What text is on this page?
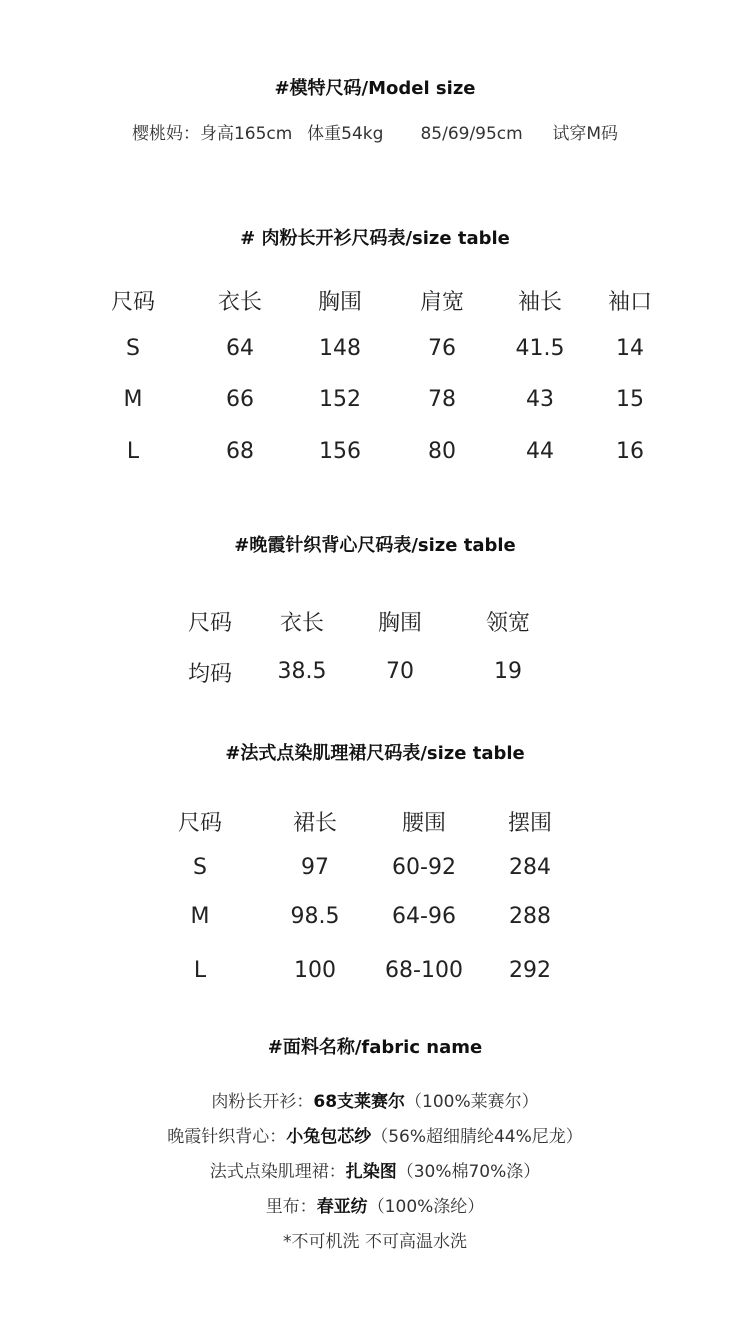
#模特尺码/Model size
樱桃妈：身高165cm 体重54kg 85/69/95cm 试穿M码
# 肉粉长开衫尺码表/size table
尺码	衣长	胸围	肩宽 袖长 袖口
S	64	148	76	41.5 14
M	66	152	78	43	15
L	68	156	80	44	16
#晚霞针织背心尺码表/size table
尺码 衣长 胸围	领宽
均码 38.5	70	19
#法式点染肌理裙尺码表/size table
尺码	裙长	腰围	摆围
S	97	60-92 284
M	98.5 64-96 288
L	100 68-100 292
#面料名称/fabric name
肉粉长开衫：68支莱赛尔（100%莱赛尔）
晚霞针织背心：小兔包芯纱（56%超细腈纶44%尼龙）
法式点染肌理裙：扎染图（30%棉70%涤）
里布：春亚纺（100%涤纶）
*不可机洗 不可高温水洗
